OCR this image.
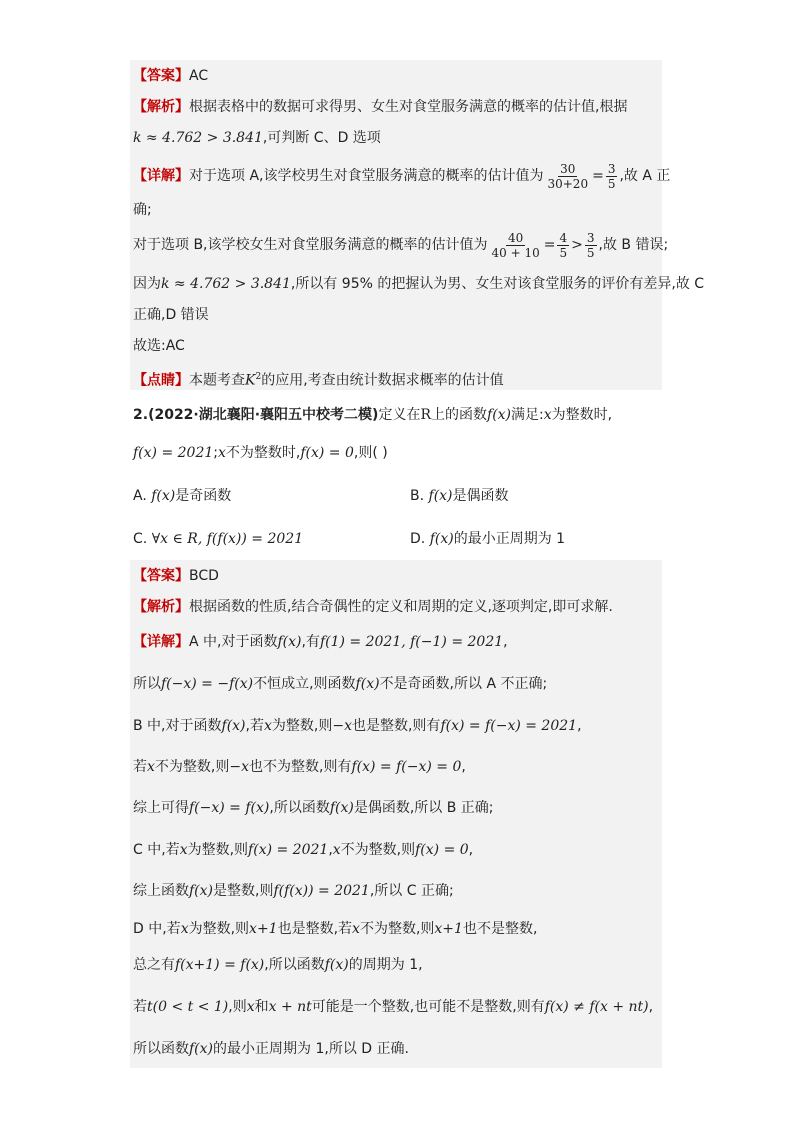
【答案】AC
【解析】根据表格中的数据可求得男、女生对食堂服务满意的概率的估计值,根据
k ≈ 4.762 > 3.841,可判断 C、D 选项
【详解】对于选项 A,该学校男生对食堂服务满意的概率的估计值为 $\frac{30}{30+20} = \frac{3}{5}$ ,故 A 正
确;
对于选项 B,该学校女生对食堂服务满意的概率的估计值为 $\frac{40}{40 + 10} = \frac{4}{5} > \frac{3}{5}$ ,故 B 错误;
因为k ≈ 4.762 > 3.841,所以有 95% 的把握认为男、女生对该食堂服务的评价有差异,故 C
正确,D 错误
故选:AC
【点睛】本题考查$K^2$的应用,考查由统计数据求概率的估计值
2.(2022·湖北襄阳·襄阳五中校考二模)定义在R上的函数f(x)满足:x为整数时,
f(x) = 2021;x不为整数时,f(x) = 0,则( )
A. f(x)是奇函数	B. f(x)是偶函数
C. ∀x ∈ R, f(f(x)) = 2021	D. f(x)的最小正周期为 1
【答案】BCD
【解析】根据函数的性质,结合奇偶性的定义和周期的定义,逐项判定,即可求解.
【详解】A 中,对于函数f(x),有f(1) = 2021, f(−1) = 2021,
所以f(−x) = −f(x)不恒成立,则函数f(x)不是奇函数,所以 A 不正确;
B 中,对于函数f(x),若x为整数,则−x也是整数,则有f(x) = f(−x) = 2021,
若x不为整数,则−x也不为整数,则有f(x) = f(−x) = 0,
综上可得f(−x) = f(x),所以函数f(x)是偶函数,所以 B 正确;
C 中,若x为整数,则f(x) = 2021,x不为整数,则f(x) = 0,
综上函数f(x)是整数,则f(f(x)) = 2021,所以 C 正确;
D 中,若x为整数,则x+1也是整数,若x不为整数,则x+1也不是整数,
总之有f(x+1) = f(x),所以函数f(x)的周期为 1,
若t(0 < t < 1),则x和x + nt可能是一个整数,也可能不是整数,则有f(x) ≠ f(x + nt),
所以函数f(x)的最小正周期为 1,所以 D 正确.
